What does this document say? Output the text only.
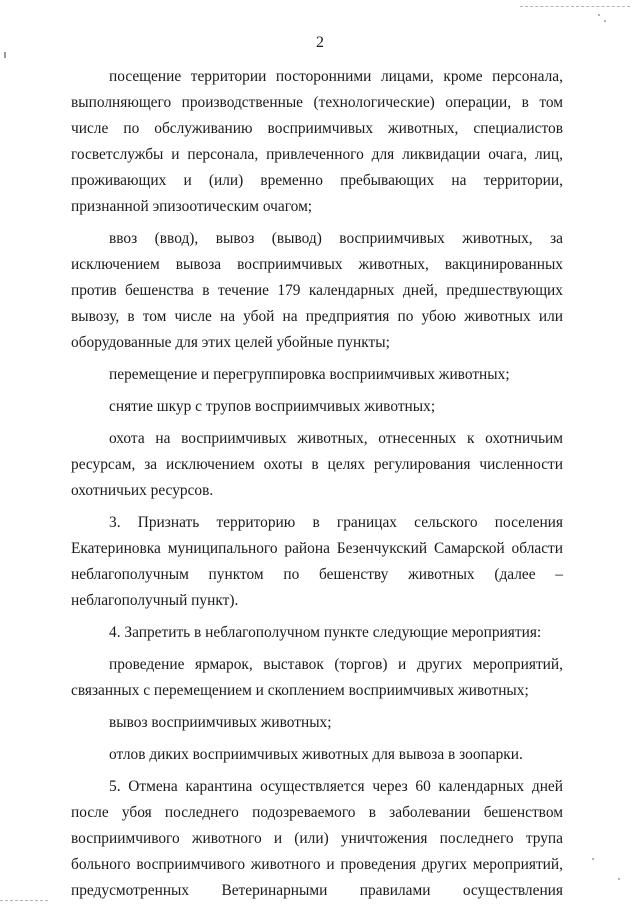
2

посещение территории посторонними лицами, кроме персонала, выполняющего производственные (технологические) операции, в том числе по обслуживанию восприимчивых животных, специалистов госветслужбы и персонала, привлеченного для ликвидации очага, лиц, проживающих и (или) временно пребывающих на территории, признанной эпизоотическим очагом;

ввоз (ввод), вывоз (вывод) восприимчивых животных, за исключением вывоза восприимчивых животных, вакцинированных против бешенства в течение 179 календарных дней, предшествующих вывозу, в том числе на убой на предприятия по убою животных или оборудованные для этих целей убойные пункты;

перемещение и перегруппировка восприимчивых животных;

снятие шкур с трупов восприимчивых животных;

охота на восприимчивых животных, отнесенных к охотничьим ресурсам, за исключением охоты в целях регулирования численности охотничьих ресурсов.

3. Признать территорию в границах сельского поселения Екатериновка муниципального района Безенчукский Самарской области неблагополучным пунктом по бешенству животных (далее – неблагополучный пункт).

4. Запретить в неблагополучном пункте следующие мероприятия:

проведение ярмарок, выставок (торгов) и других мероприятий, связанных с перемещением и скоплением восприимчивых животных;

вывоз восприимчивых животных;

отлов диких восприимчивых животных для вывоза в зоопарки.

5. Отмена карантина осуществляется через 60 календарных дней после убоя последнего подозреваемого в заболевании бешенством восприимчивого животного и (или) уничтожения последнего трупа больного восприимчивого животного и проведения других мероприятий, предусмотренных Ветеринарными правилами осуществления
